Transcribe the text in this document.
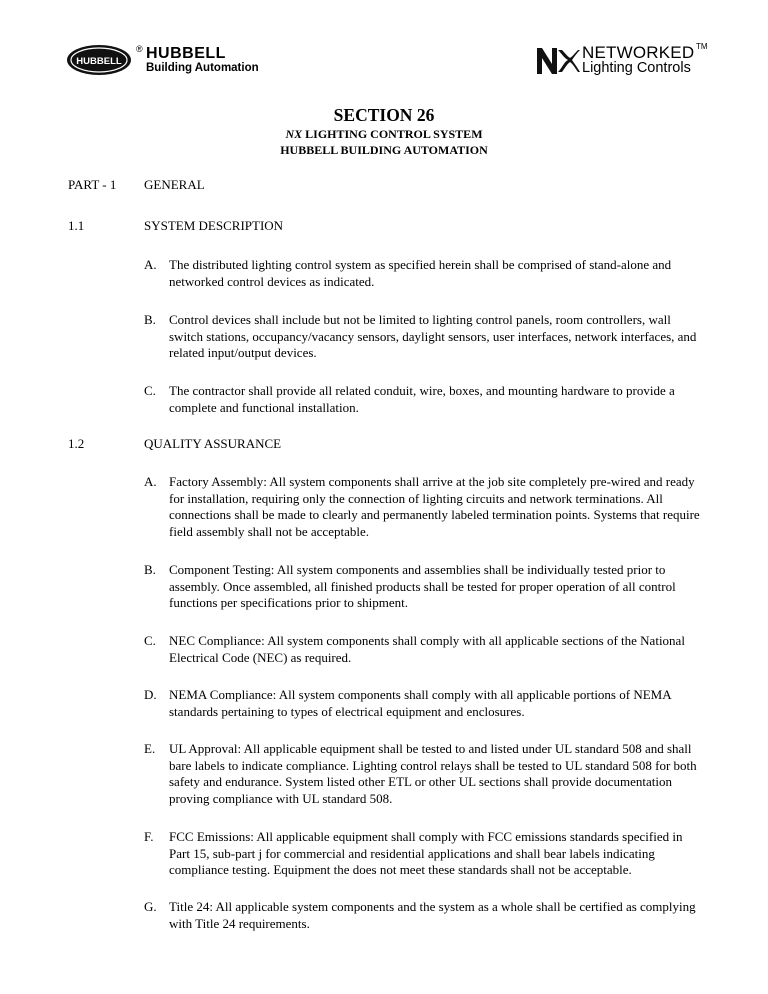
HUBBELL
® HUBBELL
Building Automation
NETWORKED
Lighting Controls
TM
SECTION 26
NX LIGHTING CONTROL SYSTEM
HUBBELL BUILDING AUTOMATION
PART - 1 GENERAL
1.1	SYSTEM DESCRIPTION
A. The distributed lighting control system as specified herein shall be comprised of stand-alone and networked control devices as indicated.
B. Control devices shall include but not be limited to lighting control panels, room controllers, wall switch stations, occupancy/vacancy sensors, daylight sensors, user interfaces, network interfaces, and related input/output devices.
C. The contractor shall provide all related conduit, wire, boxes, and mounting hardware to provide a complete and functional installation.
1.2	QUALITY ASSURANCE
A. Factory Assembly: All system components shall arrive at the job site completely pre-wired and ready for installation, requiring only the connection of lighting circuits and network terminations. All connections shall be made to clearly and permanently labeled termination points. Systems that require field assembly shall not be acceptable.
B. Component Testing: All system components and assemblies shall be individually tested prior to assembly. Once assembled, all finished products shall be tested for proper operation of all control functions per specifications prior to shipment.
C. NEC Compliance: All system components shall comply with all applicable sections of the National Electrical Code (NEC) as required.
D. NEMA Compliance: All system components shall comply with all applicable portions of NEMA standards pertaining to types of electrical equipment and enclosures.
E. UL Approval: All applicable equipment shall be tested to and listed under UL standard 508 and shall bare labels to indicate compliance. Lighting control relays shall be tested to UL standard 508 for both safety and endurance. System listed other ETL or other UL sections shall provide documentation proving compliance with UL standard 508.
F. FCC Emissions: All applicable equipment shall comply with FCC emissions standards specified in Part 15, sub-part j for commercial and residential applications and shall bear labels indicating compliance testing. Equipment the does not meet these standards shall not be acceptable.
G. Title 24: All applicable system components and the system as a whole shall be certified as complying with Title 24 requirements.
